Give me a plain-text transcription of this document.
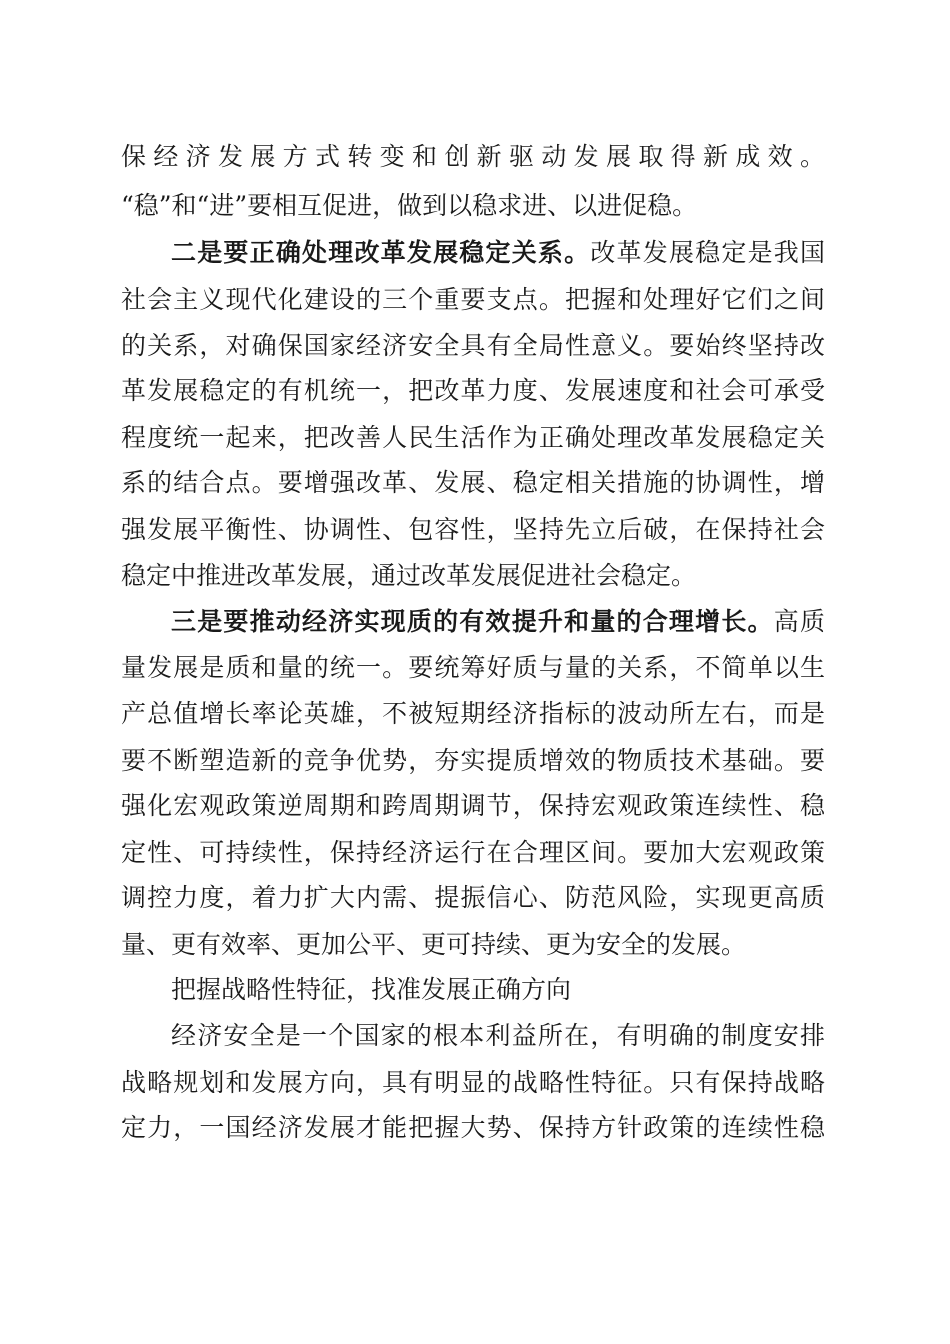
保经济发展方式转变和创新驱动发展取得新成效。
“稳”和“进”要相互促进，做到以稳求进、以进促稳。
二是要正确处理改革发展稳定关系。改革发展稳定是我国
社会主义现代化建设的三个重要支点。把握和处理好它们之间
的关系，对确保国家经济安全具有全局性意义。要始终坚持改
革发展稳定的有机统一，把改革力度、发展速度和社会可承受
程度统一起来，把改善人民生活作为正确处理改革发展稳定关
系的结合点。要增强改革、发展、稳定相关措施的协调性，增
强发展平衡性、协调性、包容性，坚持先立后破，在保持社会
稳定中推进改革发展，通过改革发展促进社会稳定。
三是要推动经济实现质的有效提升和量的合理增长。高质
量发展是质和量的统一。要统筹好质与量的关系，不简单以生
产总值增长率论英雄，不被短期经济指标的波动所左右，而是
要不断塑造新的竞争优势，夯实提质增效的物质技术基础。要
强化宏观政策逆周期和跨周期调节，保持宏观政策连续性、稳
定性、可持续性，保持经济运行在合理区间。要加大宏观政策
调控力度，着力扩大内需、提振信心、防范风险，实现更高质
量、更有效率、更加公平、更可持续、更为安全的发展。
把握战略性特征，找准发展正确方向
经济安全是一个国家的根本利益所在，有明确的制度安排
战略规划和发展方向，具有明显的战略性特征。只有保持战略
定力，一国经济发展才能把握大势、保持方针政策的连续性稳
